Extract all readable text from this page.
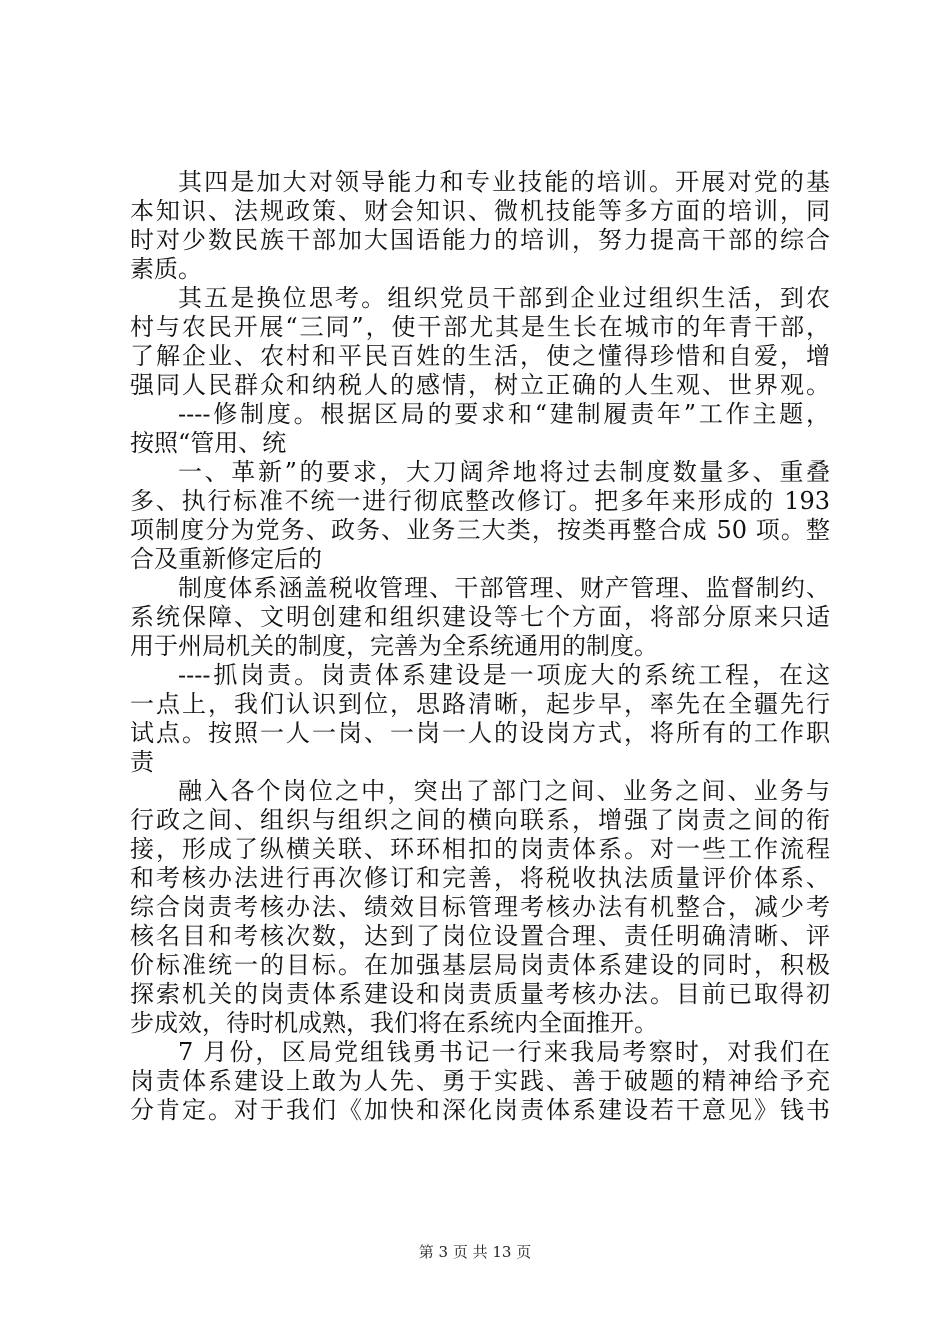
其四是加大对领导能力和专业技能的培训。开展对党的基
本知识、法规政策、财会知识、微机技能等多方面的培训，同
时对少数民族干部加大国语能力的培训，努力提高干部的综合
素质。
其五是换位思考。组织党员干部到企业过组织生活，到农
村与农民开展“三同”，使干部尤其是生长在城市的年青干部，
了解企业、农村和平民百姓的生活，使之懂得珍惜和自爱，增
强同人民群众和纳税人的感情，树立正确的人生观、世界观。
----修制度。根据区局的要求和“建制履责年”工作主题，
按照“管用、统
一、革新”的要求，大刀阔斧地将过去制度数量多、重叠
多、执行标准不统一进行彻底整改修订。把多年来形成的 193
项制度分为党务、政务、业务三大类，按类再整合成 50 项。整
合及重新修定后的
制度体系涵盖税收管理、干部管理、财产管理、监督制约、
系统保障、文明创建和组织建设等七个方面，将部分原来只适
用于州局机关的制度，完善为全系统通用的制度。
----抓岗责。岗责体系建设是一项庞大的系统工程，在这
一点上，我们认识到位，思路清晰，起步早，率先在全疆先行
试点。按照一人一岗、一岗一人的设岗方式，将所有的工作职
责
融入各个岗位之中，突出了部门之间、业务之间、业务与
行政之间、组织与组织之间的横向联系，增强了岗责之间的衔
接，形成了纵横关联、环环相扣的岗责体系。对一些工作流程
和考核办法进行再次修订和完善，将税收执法质量评价体系、
综合岗责考核办法、绩效目标管理考核办法有机整合，减少考
核名目和考核次数，达到了岗位设置合理、责任明确清晰、评
价标准统一的目标。在加强基层局岗责体系建设的同时，积极
探索机关的岗责体系建设和岗责质量考核办法。目前已取得初
步成效，待时机成熟，我们将在系统内全面推开。
7 月份，区局党组钱勇书记一行来我局考察时，对我们在
岗责体系建设上敢为人先、勇于实践、善于破题的精神给予充
分肯定。对于我们《加快和深化岗责体系建设若干意见》钱书
第 3 页 共 13 页
